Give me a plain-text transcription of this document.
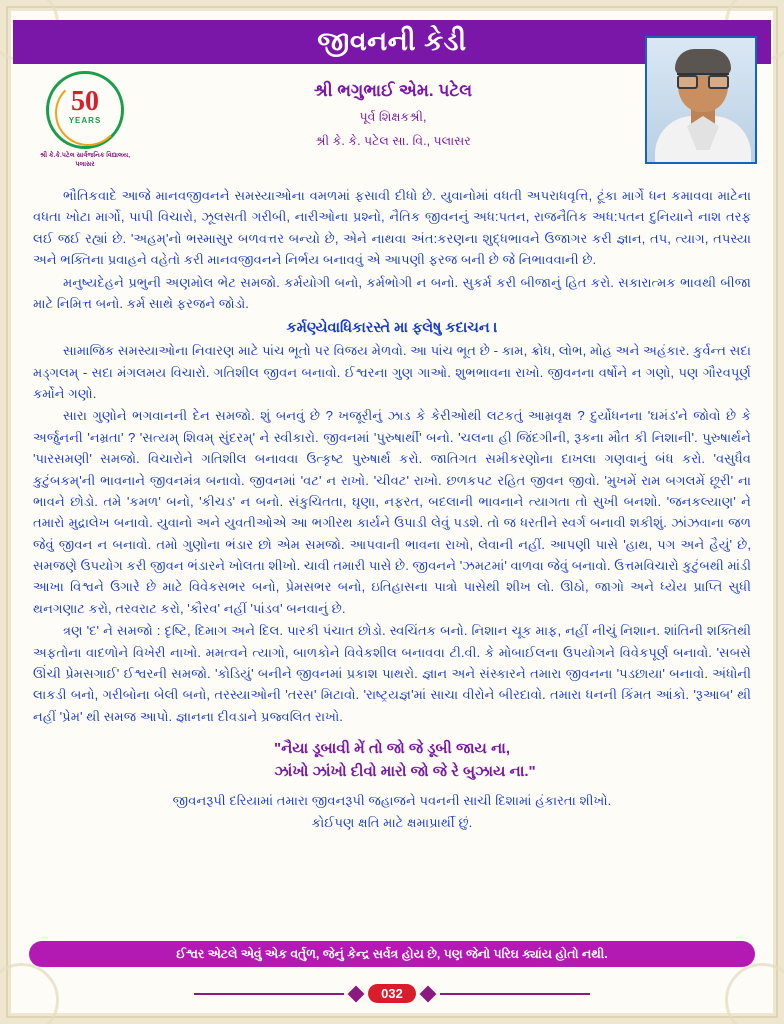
જીવનની કેડી
50
YEARS
શ્રી કે.કે.પટેલ સાર્વજનિક વિદ્યાલય, પલાસર
શ્રી ભગુભાઈ એમ. પટેલ
પૂર્વ શિક્ષકશ્રી,
શ્રી કે. કે. પટેલ સા. વિ., પલાસર

ભૌતિકવાદે આજે માનવજીવનને સમસ્યાઓના વમળમાં ફસાવી દીધો છે. યુવાનોમાં વધતી અપરાધવૃત્તિ, ટૂંકા માર્ગે ધન કમાવવા માટેના વધતા ખોટા માર્ગો, પાપી વિચારો, ઝૂલસતી ગરીબી, નારીઓના પ્રશ્નો, નૈતિક જીવનનું અધ:પતન, રાજનૈતિક અધ:પતન દુનિયાને નાશ તરફ લઈ જઈ રહ્યાં છે. 'અહમ્'નો ભસ્માસુર બળવત્તર બન્યો છે, એને નાથવા અંત:કરણના શુદ્ધભાવને ઉજાગર કરી જ્ઞાન, તપ, ત્યાગ, તપસ્યા અને ભક્તિના પ્રવાહને વહેતો કરી માનવજીવનને નિર્ભય બનાવવું એ આપણી ફરજ બની છે જે નિભાવવાની છે.

મનુષ્યદેહને પ્રભુની અણમોલ ભેટ સમજો. કર્મયોગી બનો, કર્મભોગી ન બનો. સુકર્મ કરી બીજાનું હિત કરો. સકારાત્મક ભાવથી બીજા માટે નિમિત્ત બનો. કર્મ સાથે ફરજને જોડો.

કર્મણ્યેવાધિકારસ્તે મા ફલેષુ કદાચન ।

સામાજિક સમસ્યાઓના નિવારણ માટે પાંચ ભૂતો પર વિજય મેળવો. આ પાંચ ભૂત છે - કામ, ક્રોધ, લોભ, મોહ અને અહંકાર. કુર્વન્ત સદા મડ્ગલમ્ - સદા મંગલમય વિચારો. ગતિશીલ જીવન બનાવો. ઈશ્વરના ગુણ ગાઓ. શુભભાવના રાખો. જીવનના વર્ષોને ન ગણો, પણ ગૌરવપૂર્ણ કર્મોને ગણો.

સારા ગુણોને ભગવાનની દેન સમજો. શું બનવું છે ? ખજૂરીનું ઝાડ કે કેરીઓથી લટકતું આમ્રવૃક્ષ ? દુર્યોધનના 'ઘમંડ'ને જોવો છે કે અર્જુનની 'નમ્રતા' ? 'સત્યમ્ શિવમ્ સુંદરમ્' ને સ્વીકારો. જીવનમાં 'પુરુષાર્થી' બનો. 'ચલના હી જિંદગીની, રૂકના મૌત કી નિશાની'. પુરુષાર્થને 'પારસમણી' સમજો. વિચારોને ગતિશીલ બનાવવા ઉત્કૃષ્ટ પુરુષાર્થ કરો. જાતિગત સમીકરણોના દાખલા ગણવાનું બંધ કરો. 'વસુધૈવ કુટુંબકમ્'ની ભાવનાને જીવનમંત્ર બનાવો. જીવનમાં 'વટ' ન રાખો. 'ચીવટ' રાખો. છળકપટ રહિત જીવન જીવો. 'મુખમેં રામ બગલમેં છૂરી' ના ભાવને છોડો. તમે 'કમળ' બનો, 'કીચડ' ન બનો. સંકુચિતતા, ઘૃણા, નફરત, બદલાની ભાવનાને ત્યાગતા તો સુખી બનશો. 'જનકલ્યાણ' ને તમારો મુદ્રાલેખ બનાવો. યુવાનો અને યુવતીઓએ આ ભગીરથ કાર્યને ઉપાડી લેવું પડશે. તો જ ધરતીને સ્વર્ગ બનાવી શકીશું. ઝાંઝવાના જળ જેવું જીવન ન બનાવો. તમો ગુણોના ભંડાર છો એમ સમજો. આપવાની ભાવના રાખો, લેવાની નહીં. આપણી પાસે 'હાથ, પગ અને હૈયું' છે, સમજણે ઉપયોગ કરી જીવન ભંડારને ખોલતા શીખો. ચાવી તમારી પાસે છે. જીવનને 'ઝમટમાં' વાળવા જેવું બનાવો. ઉત્તમવિચારો કુટુંબથી માંડી આખા વિશ્વને ઉગારે છે માટે વિવેકસભર બનો, પ્રેમસભર બનો, ઇતિહાસના પાત્રો પાસેથી શીખ લો. ઊઠો, જાગો અને ધ્યેય પ્રાપ્તિ સુધી થનગણાટ કરો, તરવરાટ કરો, 'કૌરવ' નહીં 'પાંડવ' બનવાનું છે.

ત્રણ 'દ' ને સમજો : દૃષ્ટિ, દિમાગ અને દિલ. પારકી પંચાત છોડો. સ્વચિંતક બનો. નિશાન ચૂક માફ, નહીં નીચું નિશાન. શાંતિની શક્તિથી અફતોના વાદળોને વિખેરી નાખો. મમત્વને ત્યાગો, બાળકોને વિવેકશીલ બનાવવા ટી.વી. કે મોબાઈલના ઉપયોગને વિવેકપૂર્ણ બનાવો. 'સબસે ઊંચી પ્રેમસગાઈ' ઈશ્વરની સમજો. 'કોડિયું' બનીને જીવનમાં પ્રકાશ પાથરો. જ્ઞાન અને સંસ્કારને તમારા જીવનના 'પડછાયા' બનાવો. અંધોની લાકડી બનો, ગરીબોના બેલી બનો, તરસ્યાઓની 'તરસ' મિટાવો. 'રાષ્ટ્રયજ્ઞ'માં સાચા વીરોને બીરદાવો. તમારા ધનની કિંમત આંકો. 'રૂઆબ' થી નહીં 'પ્રેમ' થી સમજ આપો. જ્ઞાનના દીવડાને પ્રજ્વલિત રાખો.

"નૈયા ડૂબાવી મેં તો જો જે ડૂબી જાય ના,
ઝાંખો ઝાંખો દીવો મારો જો જે રે બુઝાય ના."

જીવનરૂપી દરિયામાં તમારા જીવનરૂપી જહાજને પવનની સાચી દિશામાં હંકારતા શીખો.

કોઈપણ ક્ષતિ માટે ક્ષમાપ્રાર્થી છું.

ઈશ્વર એટલે એવું એક વર્તુળ, જેનું કેન્દ્ર સર્વત્ર હોય છે, પણ જેનો પરિઘ ક્યાંય હોતો નથી.
032
